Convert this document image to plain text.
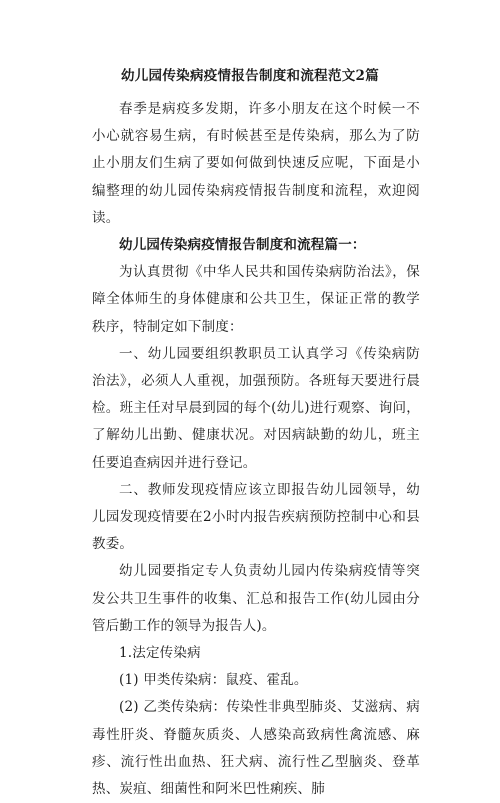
幼儿园传染病疫情报告制度和流程范文2篇

春季是病疫多发期，许多小朋友在这个时候一不小心就容易生病，有时候甚至是传染病，那么为了防止小朋友们生病了要如何做到快速反应呢，下面是小编整理的幼儿园传染病疫情报告制度和流程，欢迎阅读。

幼儿园传染病疫情报告制度和流程篇一：

为认真贯彻《中华人民共和国传染病防治法》，保障全体师生的身体健康和公共卫生，保证正常的教学秩序，特制定如下制度：

一、幼儿园要组织教职员工认真学习《传染病防治法》，必须人人重视，加强预防。各班每天要进行晨检。班主任对早晨到园的每个(幼儿)进行观察、询问，了解幼儿出勤、健康状况。对因病缺勤的幼儿，班主任要追查病因并进行登记。

二、教师发现疫情应该立即报告幼儿园领导，幼儿园发现疫情要在2小时内报告疾病预防控制中心和县教委。

幼儿园要指定专人负责幼儿园内传染病疫情等突发公共卫生事件的收集、汇总和报告工作(幼儿园由分管后勤工作的领导为报告人)。

1.法定传染病

(1) 甲类传染病：鼠疫、霍乱。

(2) 乙类传染病：传染性非典型肺炎、艾滋病、病毒性肝炎、脊髓灰质炎、人感染高致病性禽流感、麻疹、流行性出血热、狂犬病、流行性乙型脑炎、登革热、炭疽、细菌性和阿米巴性痢疾、肺
